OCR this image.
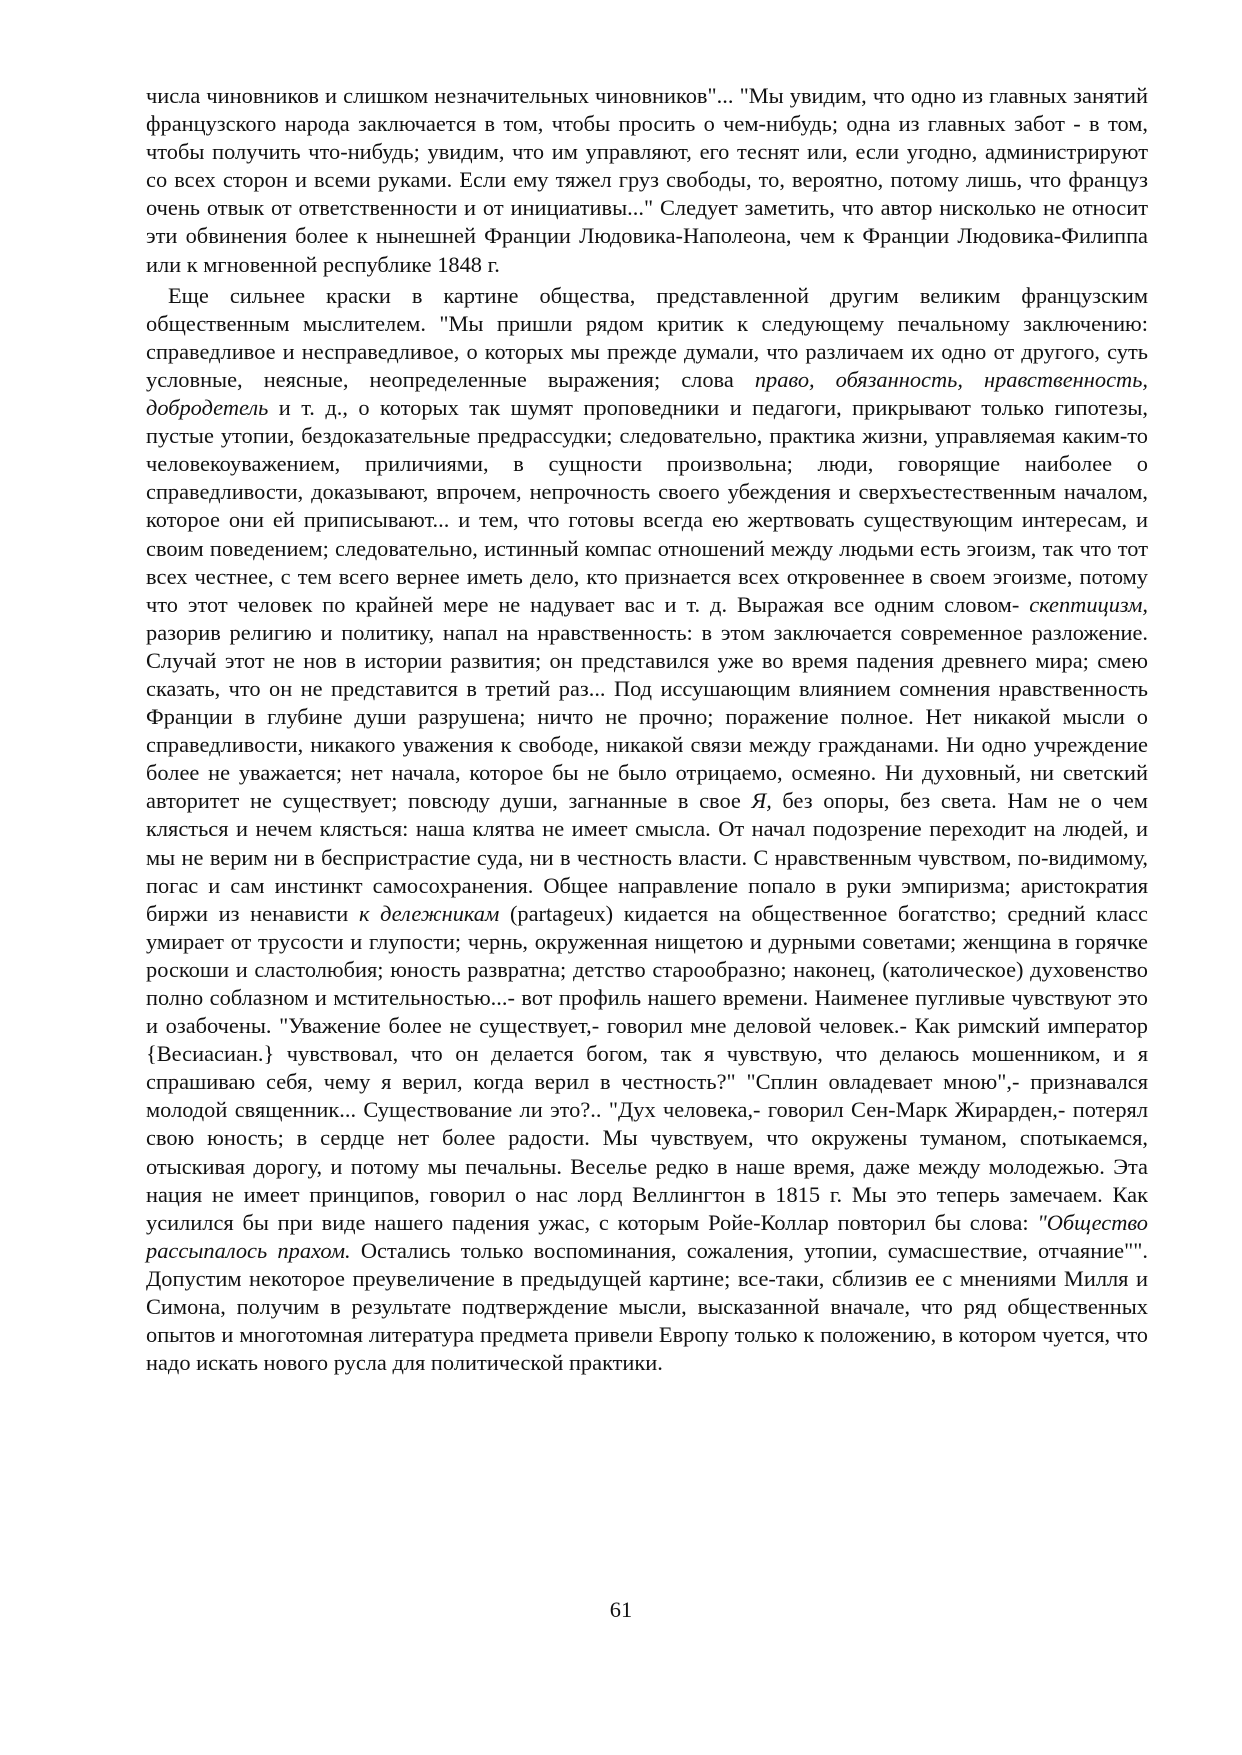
числа чиновников и слишком незначительных чиновников"... "Мы увидим, что одно из главных занятий французского народа заключается в том, чтобы просить о чем-нибудь; одна из главных забот - в том, чтобы получить что-нибудь; увидим, что им управляют, его теснят или, если угодно, администрируют со всех сторон и всеми руками. Если ему тяжел груз свободы, то, вероятно, потому лишь, что француз очень отвык от ответственности и от инициативы..." Следует заметить, что автор нисколько не относит эти обвинения более к нынешней Франции Людовика-Наполеона, чем к Франции Людовика-Филиппа или к мгновенной республике 1848 г.

Еще сильнее краски в картине общества, представленной другим великим французским общественным мыслителем. "Мы пришли рядом критик к следующему печальному заключению: справедливое и несправедливое, о которых мы прежде думали, что различаем их одно от другого, суть условные, неясные, неопределенные выражения; слова право, обязанность, нравственность, добродетель и т. д., о которых так шумят проповедники и педагоги, прикрывают только гипотезы, пустые утопии, бездоказательные предрассудки; следовательно, практика жизни, управляемая каким-то человекоуважением, приличиями, в сущности произвольна; люди, говорящие наиболее о справедливости, доказывают, впрочем, непрочность своего убеждения и сверхъестественным началом, которое они ей приписывают... и тем, что готовы всегда ею жертвовать существующим интересам, и своим поведением; следовательно, истинный компас отношений между людьми есть эгоизм, так что тот всех честнее, с тем всего вернее иметь дело, кто признается всех откровеннее в своем эгоизме, потому что этот человек по крайней мере не надувает вас и т. д. Выражая все одним словом- скептицизм, разорив религию и политику, напал на нравственность: в этом заключается современное разложение. Случай этот не нов в истории развития; он представился уже во время падения древнего мира; смею сказать, что он не представится в третий раз... Под иссушающим влиянием сомнения нравственность Франции в глубине души разрушена; ничто не прочно; поражение полное. Нет никакой мысли о справедливости, никакого уважения к свободе, никакой связи между гражданами. Ни одно учреждение более не уважается; нет начала, которое бы не было отрицаемо, осмеяно. Ни духовный, ни светский авторитет не существует; повсюду души, загнанные в свое Я, без опоры, без света. Нам не о чем клясться и нечем клясться: наша клятва не имеет смысла. От начал подозрение переходит на людей, и мы не верим ни в беспристрастие суда, ни в честность власти. С нравственным чувством, по-видимому, погас и сам инстинкт самосохранения. Общее направление попало в руки эмпиризма; аристократия биржи из ненависти к дележникам (partageux) кидается на общественное богатство; средний класс умирает от трусости и глупости; чернь, окруженная нищетою и дурными советами; женщина в горячке роскоши и сластолюбия; юность развратна; детство старообразно; наконец, (католическое) духовенство полно соблазном и мстительностью...- вот профиль нашего времени. Наименее пугливые чувствуют это и озабочены. "Уважение более не существует,- говорил мне деловой человек.- Как римский император {Весиасиан.} чувствовал, что он делается богом, так я чувствую, что делаюсь мошенником, и я спрашиваю себя, чему я верил, когда верил в честность?" "Сплин овладевает мною",- признавался молодой священник... Существование ли это?.. "Дух человека,- говорил Сен-Марк Жирарден,- потерял свою юность; в сердце нет более радости. Мы чувствуем, что окружены туманом, спотыкаемся, отыскивая дорогу, и потому мы печальны. Веселье редко в наше время, даже между молодежью. Эта нация не имеет принципов, говорил о нас лорд Веллингтон в 1815 г. Мы это теперь замечаем. Как усилился бы при виде нашего падения ужас, с которым Ройе-Коллар повторил бы слова: "Общество рассыпалось прахом. Остались только воспоминания, сожаления, утопии, сумасшествие, отчаяние"". Допустим некоторое преувеличение в предыдущей картине; все-таки, сблизив ее с мнениями Милля и Симона, получим в результате подтверждение мысли, высказанной вначале, что ряд общественных опытов и многотомная литература предмета привели Европу только к положению, в котором чуется, что надо искать нового русла для политической практики.

61
